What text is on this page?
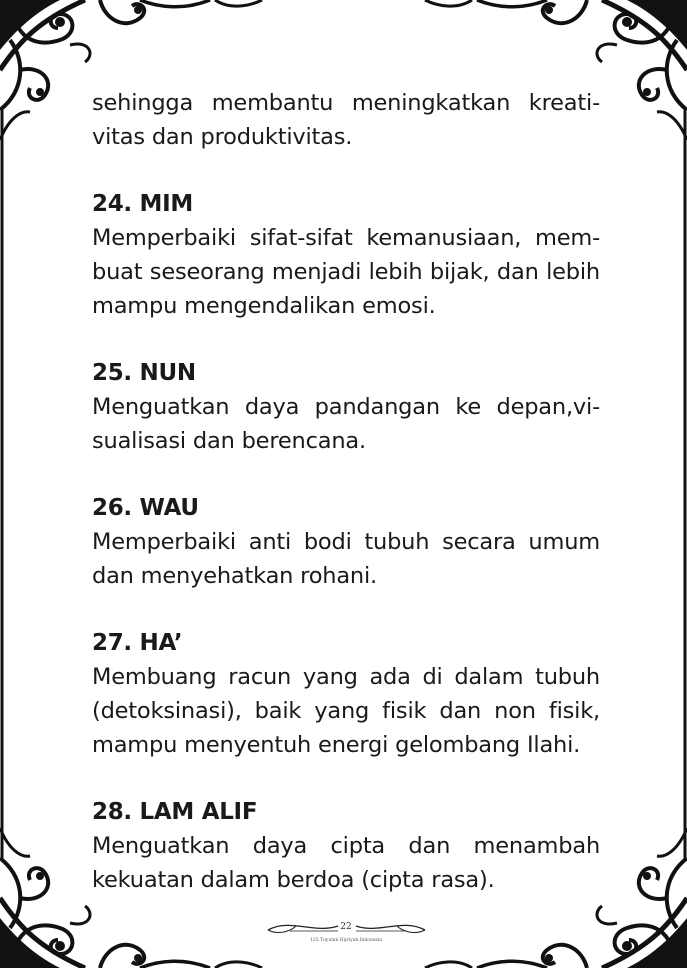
sehingga membantu meningkatkan kreati-vitas dan produktivitas.

24. MIM

Memperbaiki sifat-sifat kemanusiaan, mem-buat seseorang menjadi lebih bijak, dan lebih mampu mengendalikan emosi.

25. NUN

Menguatkan daya pandangan ke depan,vi-sualisasi dan berencana.

26. WAU

Memperbaiki anti bodi tubuh secara umum dan menyehatkan rohani.

27. HA’

Membuang racun yang ada di dalam tubuh (detoksinasi), baik yang fisik dan non fisik, mampu menyentuh energi gelombang Ilahi.

28. LAM ALIF

Menguatkan daya cipta dan menambah kekuatan dalam berdoa (cipta rasa).

22
125 Tuyulan Hijriyah Indonesia
